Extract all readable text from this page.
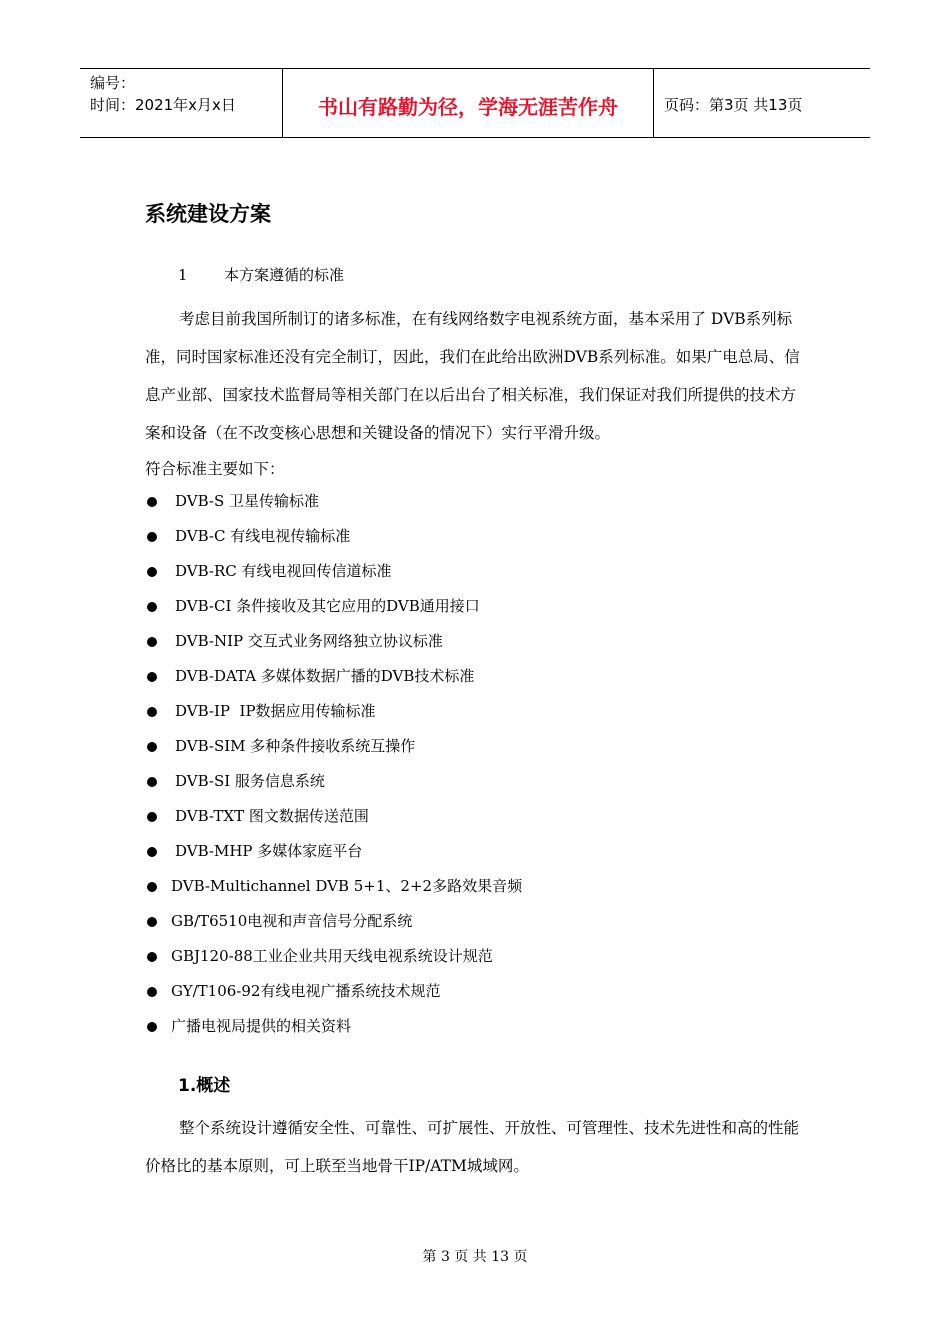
编号：
时间：2021年x月x日	书山有路勤为径，学海无涯苦作舟	页码：第3页 共13页
系统建设方案
1 本方案遵循的标准
考虑目前我国所制订的诸多标准，在有线网络数字电视系统方面，基本采用了 DVB系列标准，同时国家标准还没有完全制订，因此，我们在此给出欧洲DVB系列标准。如果广电总局、信息产业部、国家技术监督局等相关部门在以后出台了相关标准，我们保证对我们所提供的技术方案和设备（在不改变核心思想和关键设备的情况下）实行平滑升级。
符合标准主要如下：
DVB-S 卫星传输标准
DVB-C 有线电视传输标准
DVB-RC 有线电视回传信道标准
DVB-CI 条件接收及其它应用的DVB通用接口
DVB-NIP 交互式业务网络独立协议标准
DVB-DATA 多媒体数据广播的DVB技术标准
DVB-IP  IP数据应用传输标准
DVB-SIM 多种条件接收系统互操作
DVB-SI 服务信息系统
DVB-TXT 图文数据传送范围
DVB-MHP 多媒体家庭平台
DVB-Multichannel DVB 5+1、2+2多路效果音频
GB/T6510电视和声音信号分配系统
GBJ120-88工业企业共用天线电视系统设计规范
GY/T106-92有线电视广播系统技术规范
广播电视局提供的相关资料
1.概述
整个系统设计遵循安全性、可靠性、可扩展性、开放性、可管理性、技术先进性和高的性能价格比的基本原则，可上联至当地骨干IP/ATM城域网。
第 3 页 共 13 页
